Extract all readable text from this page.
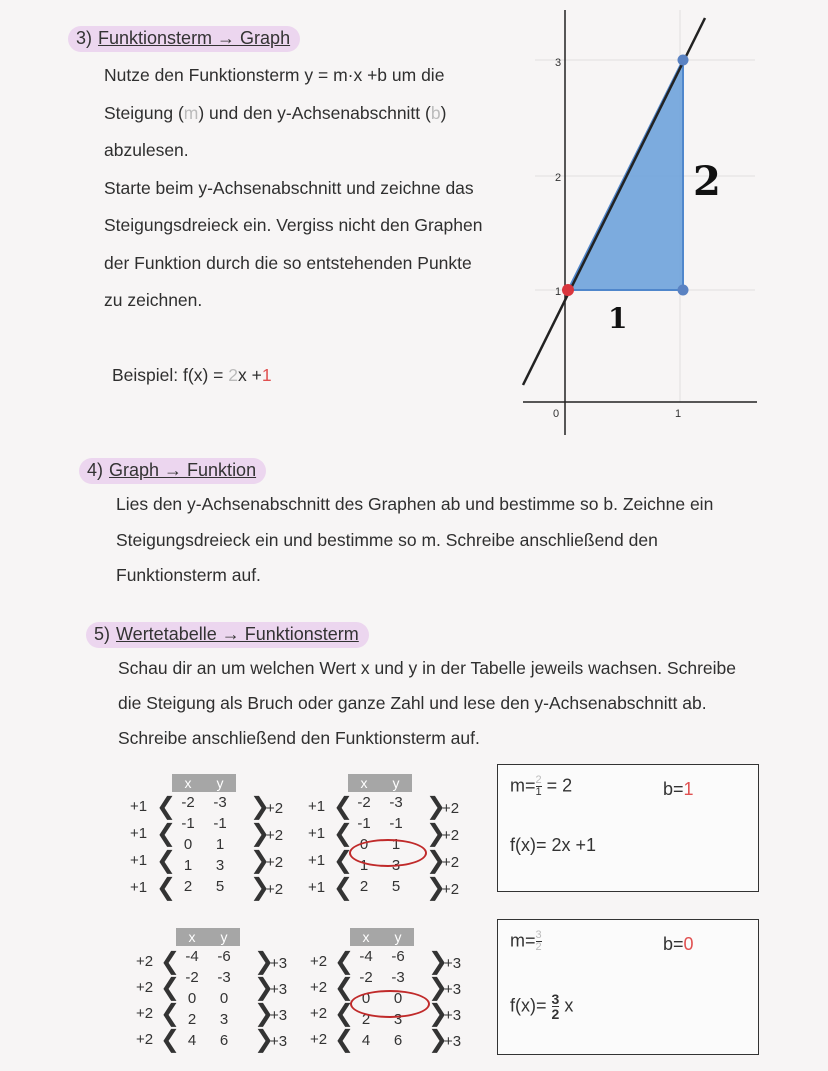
3) Funktionsterm → Graph
Nutze den Funktionsterm y = m·x +b um die
Steigung (m) und den y-Achsenabschnitt (b)
abzulesen.
Starte beim y-Achsenabschnitt und zeichne das
Steigungsdreieck ein. Vergiss nicht den Graphen
der Funktion durch die so entstehenden Punkte
zu zeichnen.
Beispiel: f(x) = 2x +1
1
2
3
0	1
1
2
4) Graph → Funktion
Lies den y-Achsenabschnitt des Graphen ab und bestimme so b. Zeichne ein
Steigungsdreieck ein und bestimme so m. Schreibe anschließend den
Funktionsterm auf.
5) Wertetabelle → Funktionsterm
Schau dir an um welchen Wert x und y in der Tabelle jeweils wachsen. Schreibe
die Steigung als Bruch oder ganze Zahl und lese den y-Achsenabschnitt ab.
Schreibe anschließend den Funktionsterm auf.
x	y
-2	-3
-1	-1
0	1
1	3
2	5
+1
+1
+1
+1
❮
❮
❮
❮
❯
❯
❯
❯
+2
+2
+2
+2
x	y
-2	-3
-1	-1
0	1
1	3
2	5
+1
+1
+1
+1
❮
❮
❮
❮
❯
❯
❯
❯
+2
+2
+2
+2
x	y
-4	-6
-2	-3
0	0
2	3
4	6
+2
+2
+2
+2
❮
❮
❮
❮
❯
❯
❯
❯
+3
+3
+3
+3
x	y
-4	-6
-2	-3
0	0
2	3
4	6
+2
+2
+2
+2
❮
❮
❮
❮
❯
❯
❯
❯
+3
+3
+3
+3
$m= \frac{2}{1} = 2$	b=1
f(x)= 2x +1
$m= \frac{3}{2}$	b=0
$f(x)= \frac{3}{2}$ x
